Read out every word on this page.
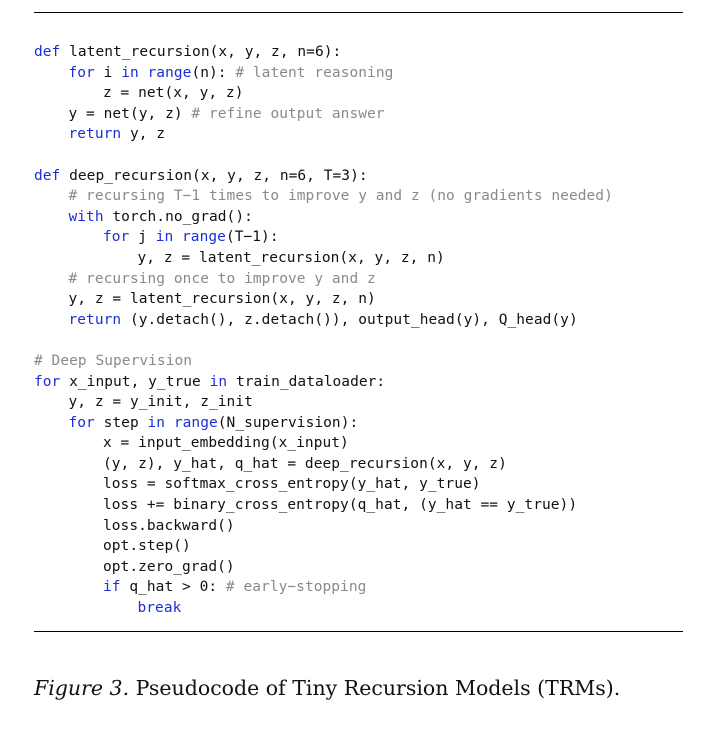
def latent_recursion(x, y, z, n=6):
for i in range(n): # latent reasoning
z = net(x, y, z)
y = net(y, z) # refine output answer
return y, z
def deep_recursion(x, y, z, n=6, T=3):
# recursing T−1 times to improve y and z (no gradients needed)
with torch.no_grad():
for j in range(T−1):
y, z = latent_recursion(x, y, z, n)
# recursing once to improve y and z
y, z = latent_recursion(x, y, z, n)
return (y.detach(), z.detach()), output_head(y), Q_head(y)
# Deep Supervision
for x_input, y_true in train_dataloader:
y, z = y_init, z_init
for step in range(N_supervision):
x = input_embedding(x_input)
(y, z), y_hat, q_hat = deep_recursion(x, y, z)
loss = softmax_cross_entropy(y_hat, y_true)
loss += binary_cross_entropy(q_hat, (y_hat == y_true))
loss.backward()
opt.step()
opt.zero_grad()
if q_hat > 0: # early−stopping
break
Figure 3. Pseudocode of Tiny Recursion Models (TRMs).
